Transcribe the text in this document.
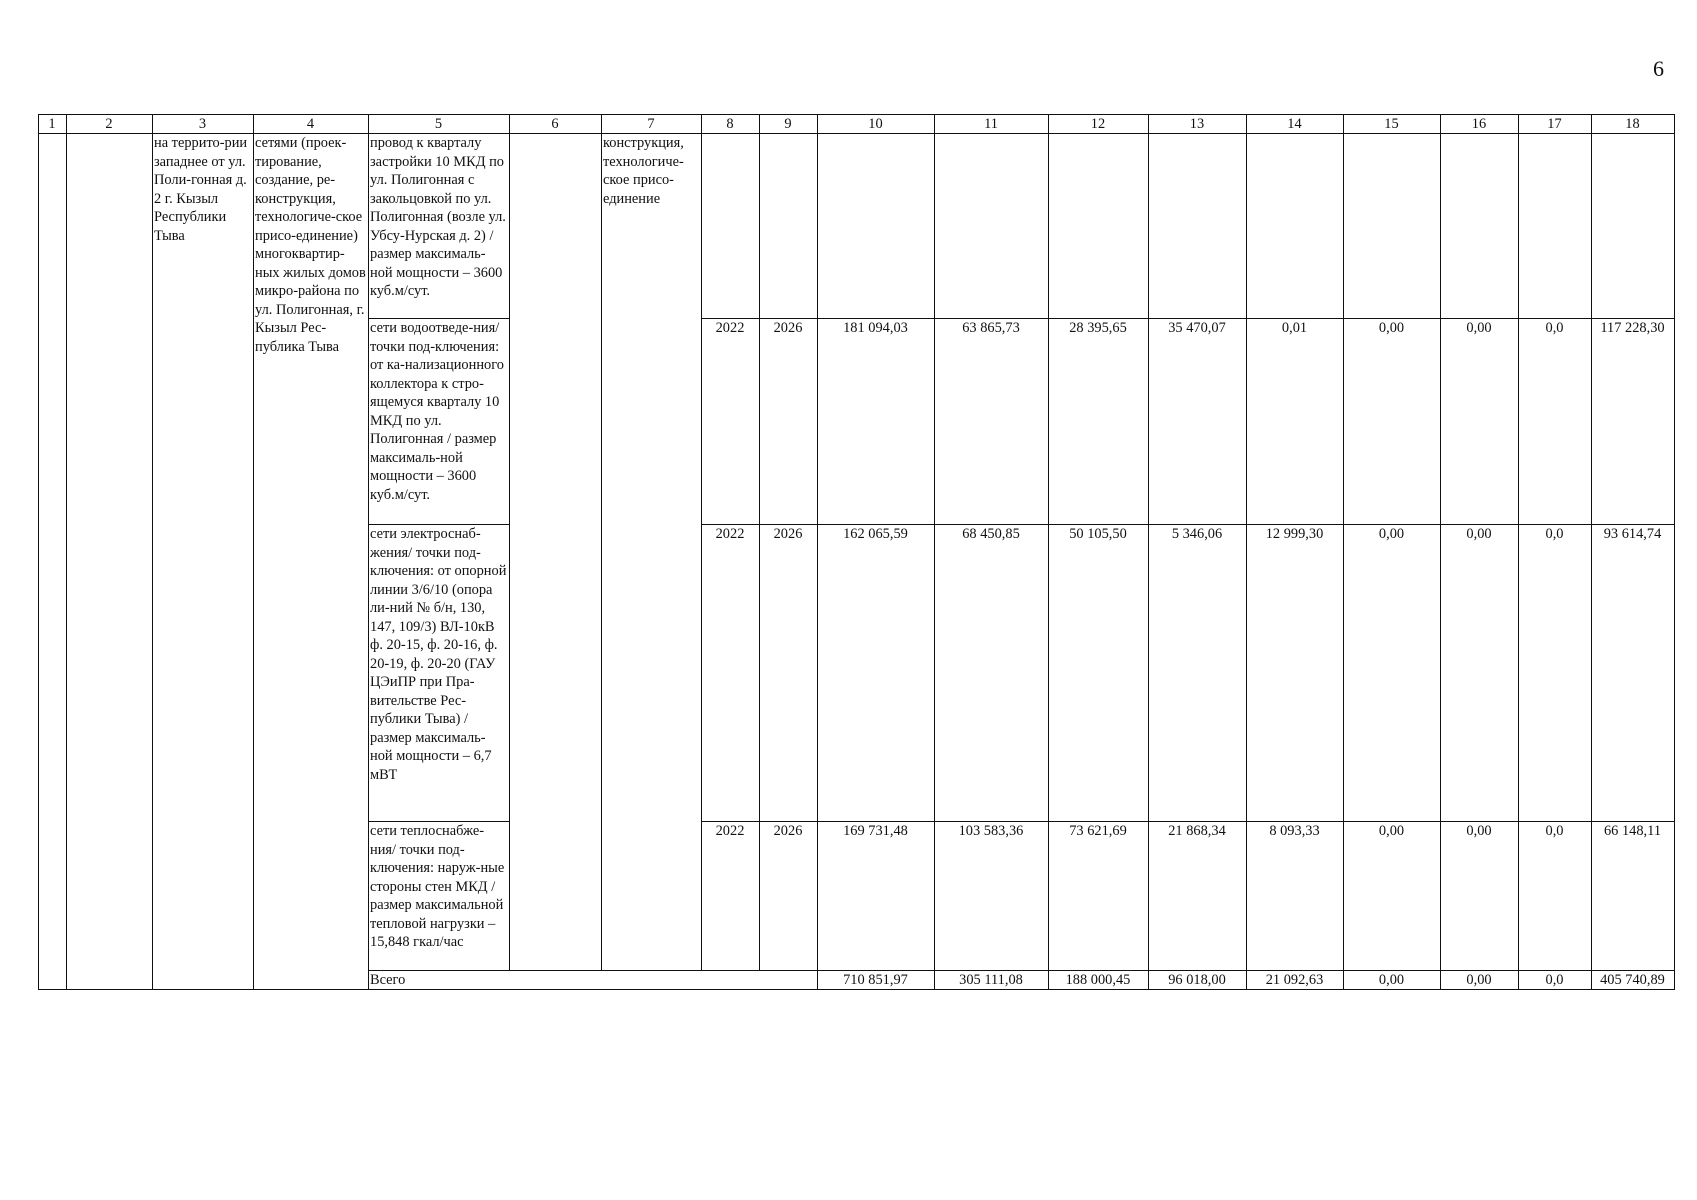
6
1	2	3	4	5	6	7	8	9	10	11	12	13	14	15	16	17	18
		на террито-рии западнее от ул. Поли-гонная д. 2 г. Кызыл Республики Тыва	сетями (проек-тирование, создание, ре-конструкция, технологиче-ское присо-единение) многоквартир-ных жилых домов микро-района по ул. Полигонная, г. Кызыл Рес-публика Тыва	провод к кварталу застройки 10 МКД по ул. Полигонная с закольцовкой по ул. Полигонная (возле ул. Убсу-Нурская д. 2) / размер максималь-ной мощности – 3600 куб.м/сут.		конструкция, технологиче-ское присо-единение											
				сети водоотведе-ния/ точки под-ключения: от ка-нализационного коллектора к стро-ящемуся кварталу 10 МКД по ул. Полигонная / размер максималь-ной мощности – 3600 куб.м/сут.			2022	2026	181 094,03	63 865,73	28 395,65	35 470,07	0,01	0,00	0,00	0,0	117 228,30
				сети электроснаб-жения/ точки под-ключения: от опорной линии 3/6/10 (опора ли-ний № б/н, 130, 147, 109/3) ВЛ-10кВ ф. 20-15, ф. 20-16, ф. 20-19, ф. 20-20 (ГАУ ЦЭиПР при Пра-вительстве Рес-публики Тыва) / размер максималь-ной мощности – 6,7 мВТ			2022	2026	162 065,59	68 450,85	50 105,50	5 346,06	12 999,30	0,00	0,00	0,0	93 614,74
				сети теплоснабже-ния/ точки под-ключения: наруж-ные стороны стен МКД / размер максимальной тепловой нагрузки – 15,848 гкал/час			2022	2026	169 731,48	103 583,36	73 621,69	21 868,34	8 093,33	0,00	0,00	0,0	66 148,11
				Всего					710 851,97	305 111,08	188 000,45	96 018,00	21 092,63	0,00	0,00	0,0	405 740,89
